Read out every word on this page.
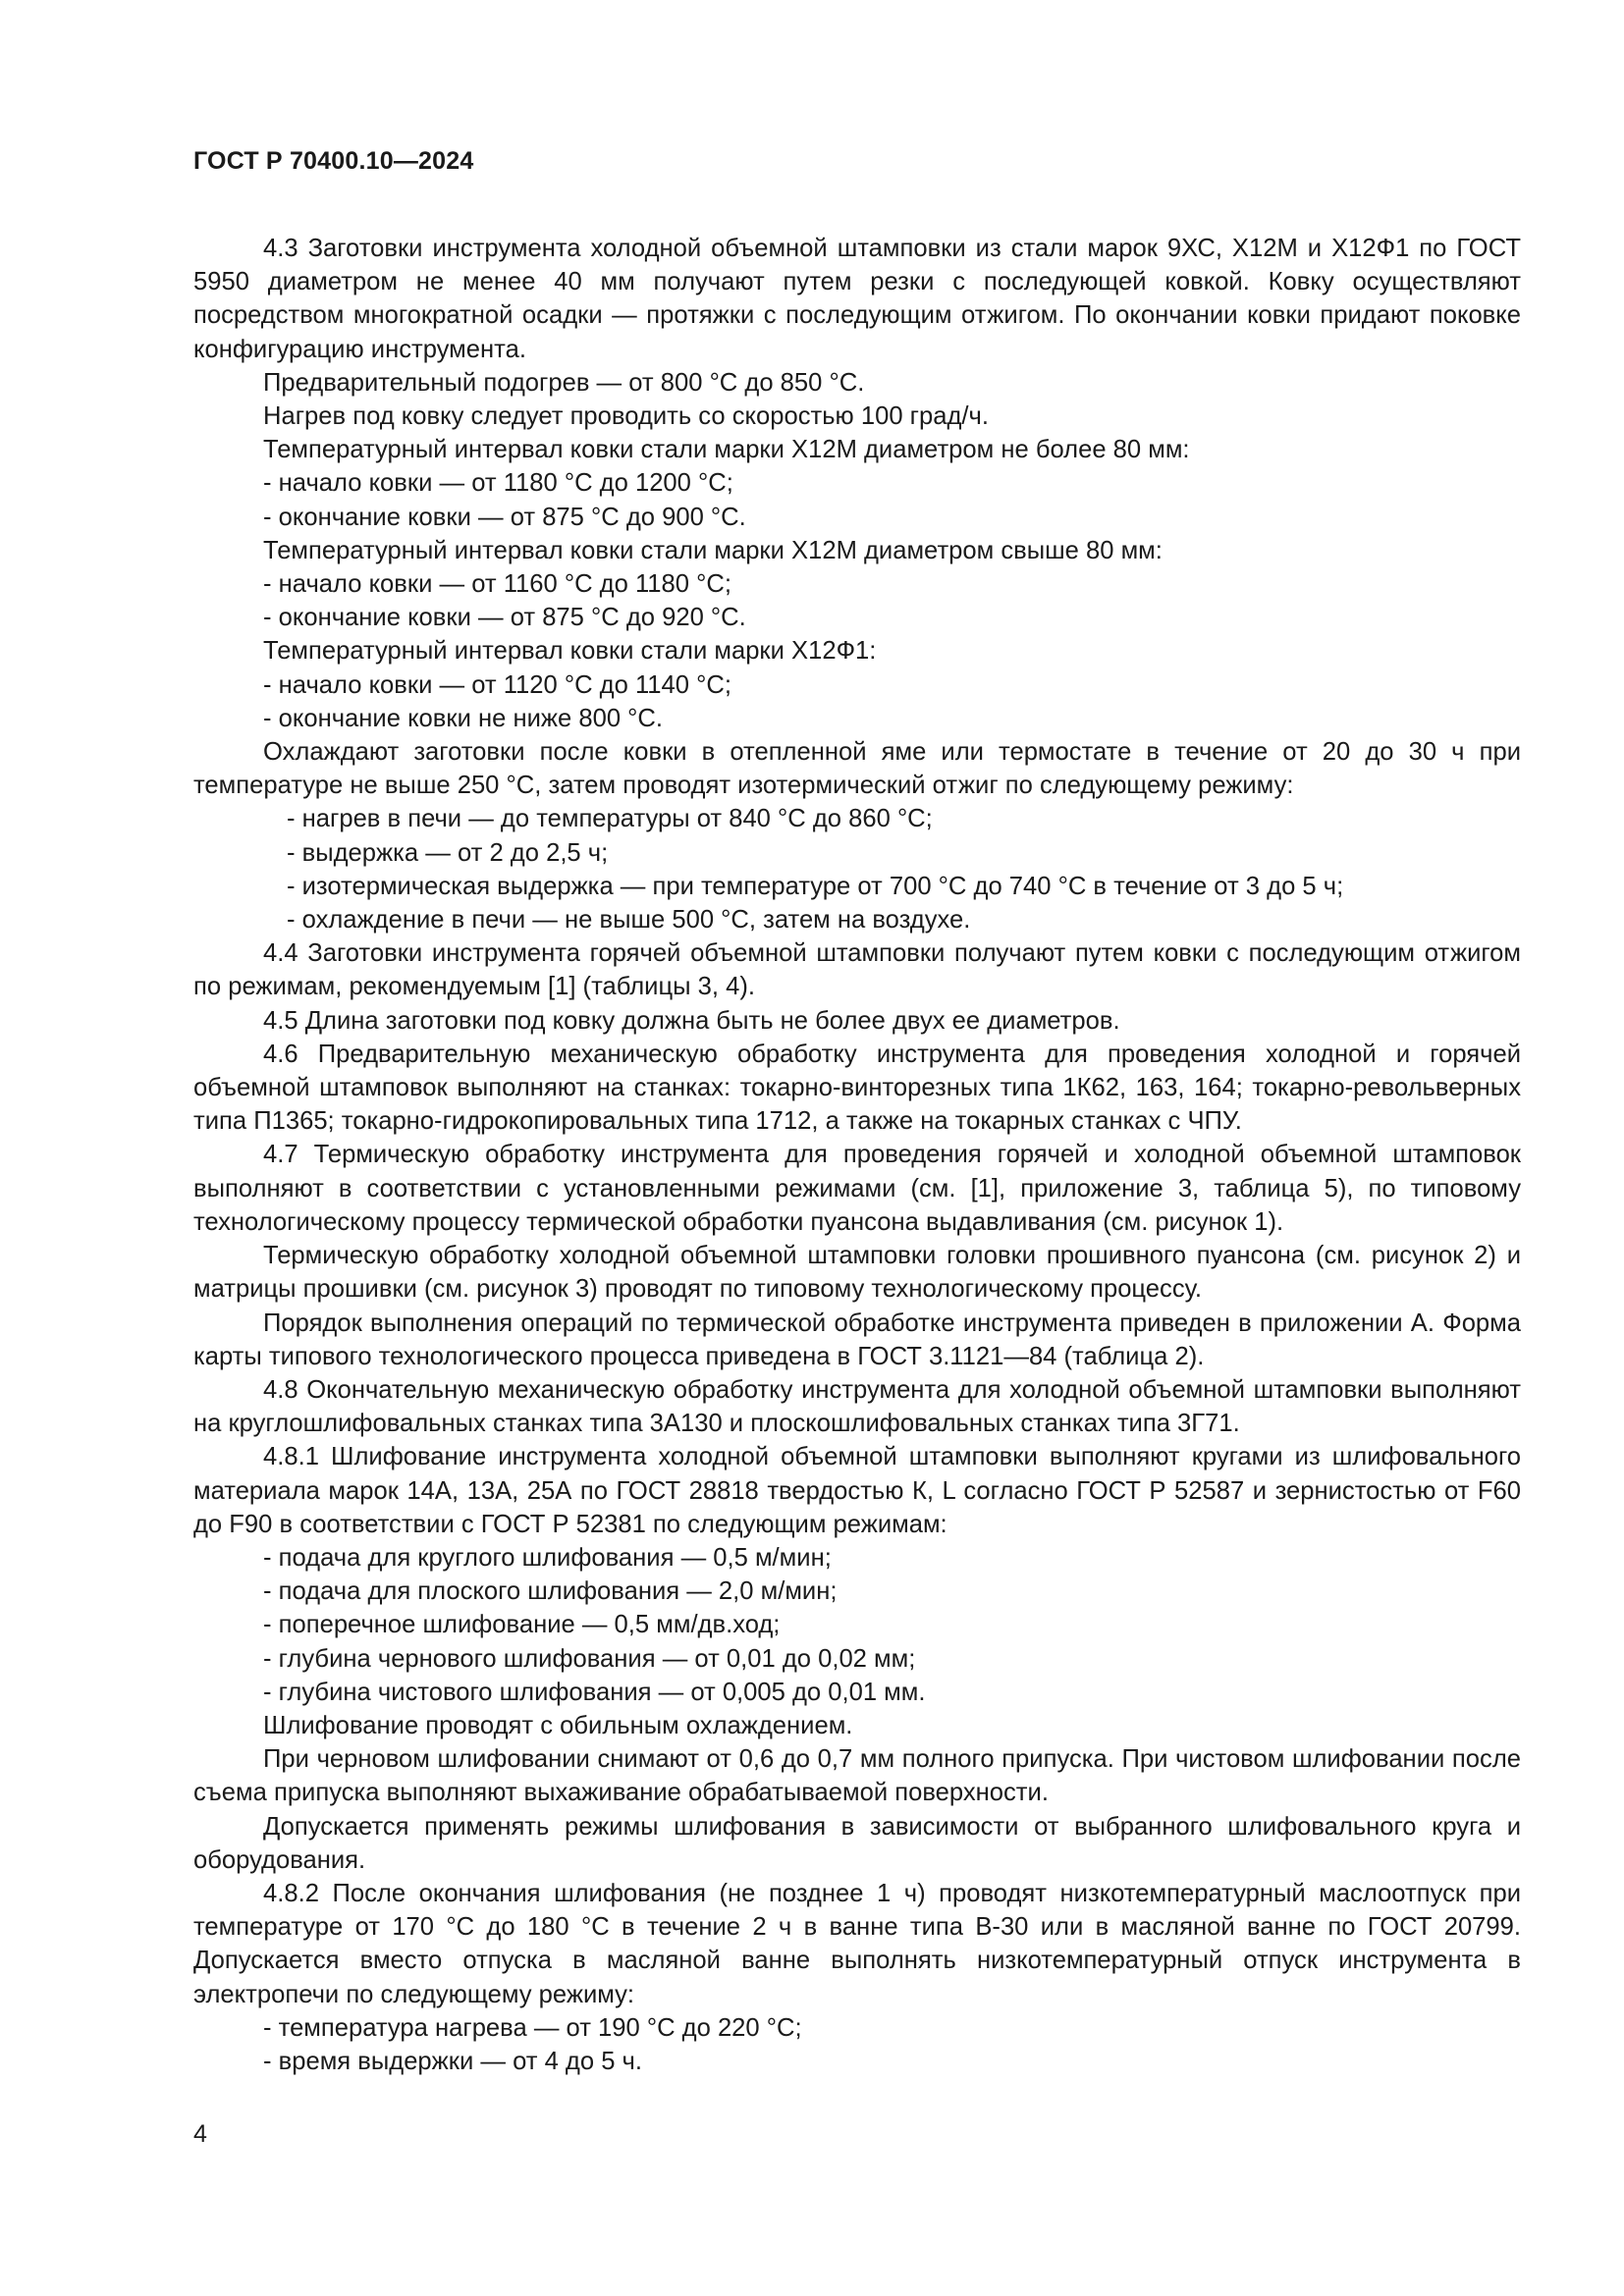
ГОСТ Р 70400.10—2024

4.3 Заготовки инструмента холодной объемной штамповки из стали марок 9ХС, Х12М и Х12Ф1 по ГОСТ 5950 диаметром не менее 40 мм получают путем резки с последующей ковкой. Ковку осуществляют посредством многократной осадки — протяжки с последующим отжигом. По окончании ковки придают поковке конфигурацию инструмента.

Предварительный подогрев — от 800 °С до 850 °С.

Нагрев под ковку следует проводить со скоростью 100 град/ч.

Температурный интервал ковки стали марки Х12М диаметром не более 80 мм:

- начало ковки — от 1180 °С до 1200 °С;

- окончание ковки — от 875 °С до 900 °С.

Температурный интервал ковки стали марки Х12М диаметром свыше 80 мм:

- начало ковки — от 1160 °С до 1180 °С;

- окончание ковки — от 875 °С до 920 °С.

Температурный интервал ковки стали марки Х12Ф1:

- начало ковки — от 1120 °С до 1140 °С;

- окончание ковки не ниже 800 °С.

Охлаждают заготовки после ковки в отепленной яме или термостате в течение от 20 до 30 ч при температуре не выше 250 °С, затем проводят изотермический отжиг по следующему режиму:

- нагрев в печи — до температуры от 840 °С до 860 °С;

- выдержка — от 2 до 2,5 ч;

- изотермическая выдержка — при температуре от 700 °С до 740 °С в течение от 3 до 5 ч;

- охлаждение в печи — не выше 500 °С, затем на воздухе.

4.4 Заготовки инструмента горячей объемной штамповки получают путем ковки с последующим отжигом по режимам, рекомендуемым [1] (таблицы 3, 4).

4.5 Длина заготовки под ковку должна быть не более двух ее диаметров.

4.6 Предварительную механическую обработку инструмента для проведения холодной и горячей объемной штамповок выполняют на станках: токарно-винторезных типа 1К62, 163, 164; токарно-револьверных типа П1365; токарно-гидрокопировальных типа 1712, а также на токарных станках с ЧПУ.

4.7 Термическую обработку инструмента для проведения горячей и холодной объемной штамповок выполняют в соответствии с установленными режимами (см. [1], приложение 3, таблица 5), по типовому технологическому процессу термической обработки пуансона выдавливания (см. рисунок 1).

Термическую обработку холодной объемной штамповки головки прошивного пуансона (см. рисунок 2) и матрицы прошивки (см. рисунок 3) проводят по типовому технологическому процессу.

Порядок выполнения операций по термической обработке инструмента приведен в приложении А. Форма карты типового технологического процесса приведена в ГОСТ 3.1121—84 (таблица 2).

4.8 Окончательную механическую обработку инструмента для холодной объемной штамповки выполняют на круглошлифовальных станках типа 3А130 и плоскошлифовальных станках типа 3Г71.

4.8.1 Шлифование инструмента холодной объемной штамповки выполняют кругами из шлифовального материала марок 14А, 13А, 25А по ГОСТ 28818 твердостью К, L согласно ГОСТ Р 52587 и зернистостью от F60 до F90 в соответствии с ГОСТ Р 52381 по следующим режимам:

- подача для круглого шлифования — 0,5 м/мин;

- подача для плоского шлифования — 2,0 м/мин;

- поперечное шлифование — 0,5 мм/дв.ход;

- глубина чернового шлифования — от 0,01 до 0,02 мм;

- глубина чистового шлифования — от 0,005 до 0,01 мм.

Шлифование проводят с обильным охлаждением.

При черновом шлифовании снимают от 0,6 до 0,7 мм полного припуска. При чистовом шлифовании после съема припуска выполняют выхаживание обрабатываемой поверхности.

Допускается применять режимы шлифования в зависимости от выбранного шлифовального круга и оборудования.

4.8.2 После окончания шлифования (не позднее 1 ч) проводят низкотемпературный маслоотпуск при температуре от 170 °С до 180 °С в течение 2 ч в ванне типа В-30 или в масляной ванне по ГОСТ 20799. Допускается вместо отпуска в масляной ванне выполнять низкотемпературный отпуск инструмента в электропечи по следующему режиму:

- температура нагрева — от 190 °С до 220 °С;

- время выдержки — от 4 до 5 ч.

4
